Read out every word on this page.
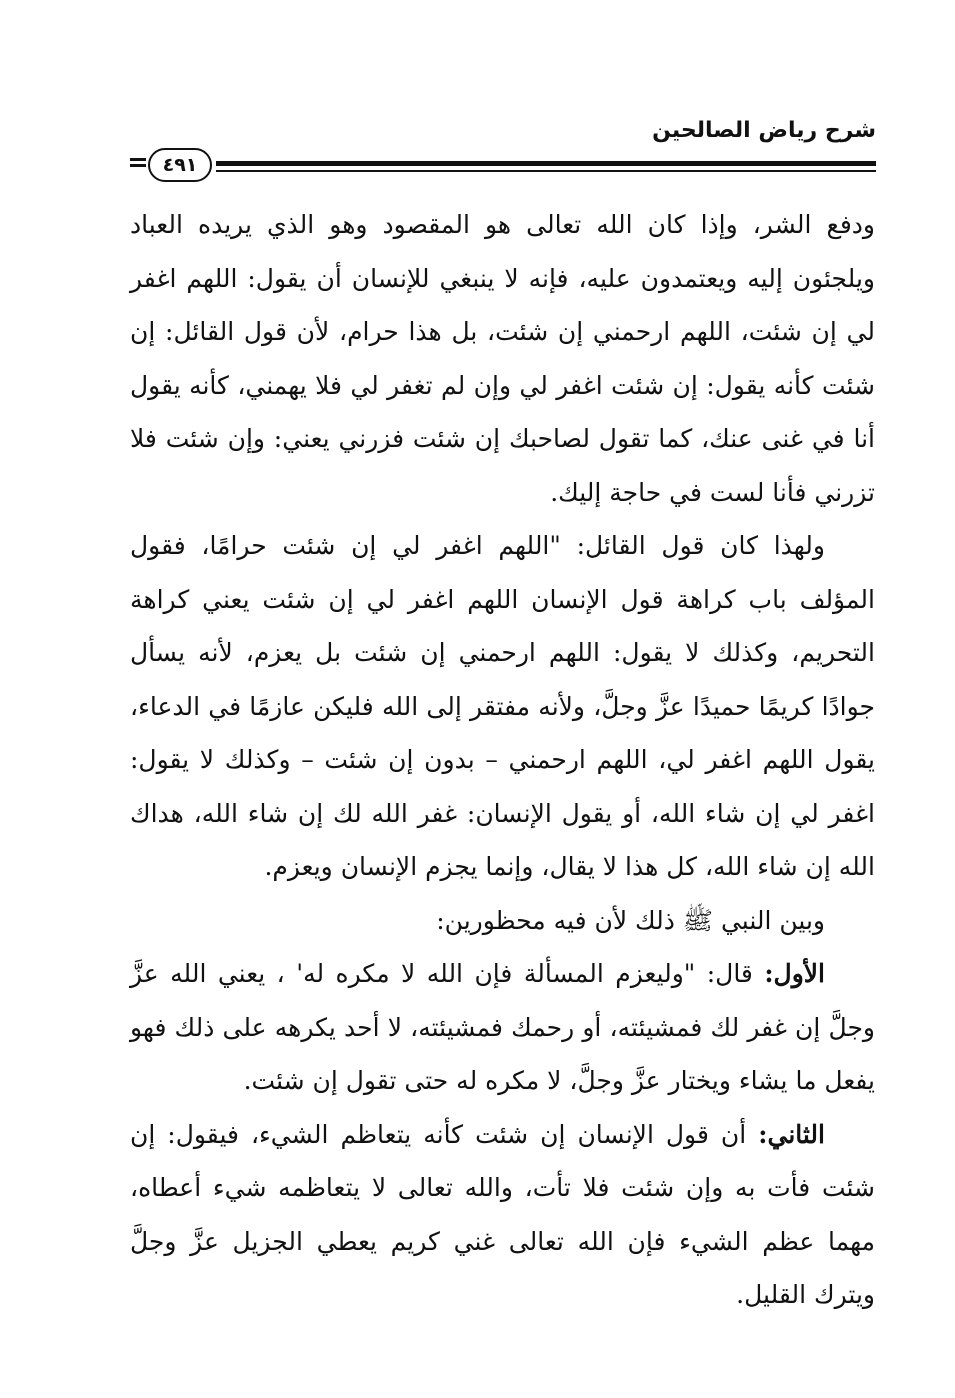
شرح رياض الصالحين
٤٩١

ودفع الشر، وإذا كان الله تعالى هو المقصود وهو الذي يريده العباد ويلجئون إليه ويعتمدون عليه، فإنه لا ينبغي للإنسان أن يقول: اللهم اغفر لي إن شئت، اللهم ارحمني إن شئت، بل هذا حرام، لأن قول القائل: إن شئت كأنه يقول: إن شئت اغفر لي وإن لم تغفر لي فلا يهمني، كأنه يقول أنا في غنى عنك، كما تقول لصاحبك إن شئت فزرني يعني: وإن شئت فلا تزرني فأنا لست في حاجة إليك.

ولهذا كان قول القائل: "اللهم اغفر لي إن شئت حرامًا، فقول المؤلف باب كراهة قول الإنسان اللهم اغفر لي إن شئت يعني كراهة التحريم، وكذلك لا يقول: اللهم ارحمني إن شئت بل يعزم، لأنه يسأل جوادًا كريمًا حميدًا عزَّ وجلَّ، ولأنه مفتقر إلى الله فليكن عازمًا في الدعاء، يقول اللهم اغفر لي، اللهم ارحمني – بدون إن شئت – وكذلك لا يقول: اغفر لي إن شاء الله، أو يقول الإنسان: غفر الله لك إن شاء الله، هداك الله إن شاء الله، كل هذا لا يقال، وإنما يجزم الإنسان ويعزم.

وبين النبي ﷺ ذلك لأن فيه محظورين:

الأول: قال: "وليعزم المسألة فإن الله لا مكره له' ، يعني الله عزَّ وجلَّ إن غفر لك فمشيئته، أو رحمك فمشيئته، لا أحد يكرهه على ذلك فهو يفعل ما يشاء ويختار عزَّ وجلَّ، لا مكره له حتى تقول إن شئت.

الثاني: أن قول الإنسان إن شئت كأنه يتعاظم الشيء، فيقول: إن شئت فأت به وإن شئت فلا تأت، والله تعالى لا يتعاظمه شيء أعطاه، مهما عظم الشيء فإن الله تعالى غني كريم يعطي الجزيل عزَّ وجلَّ ويترك القليل.
